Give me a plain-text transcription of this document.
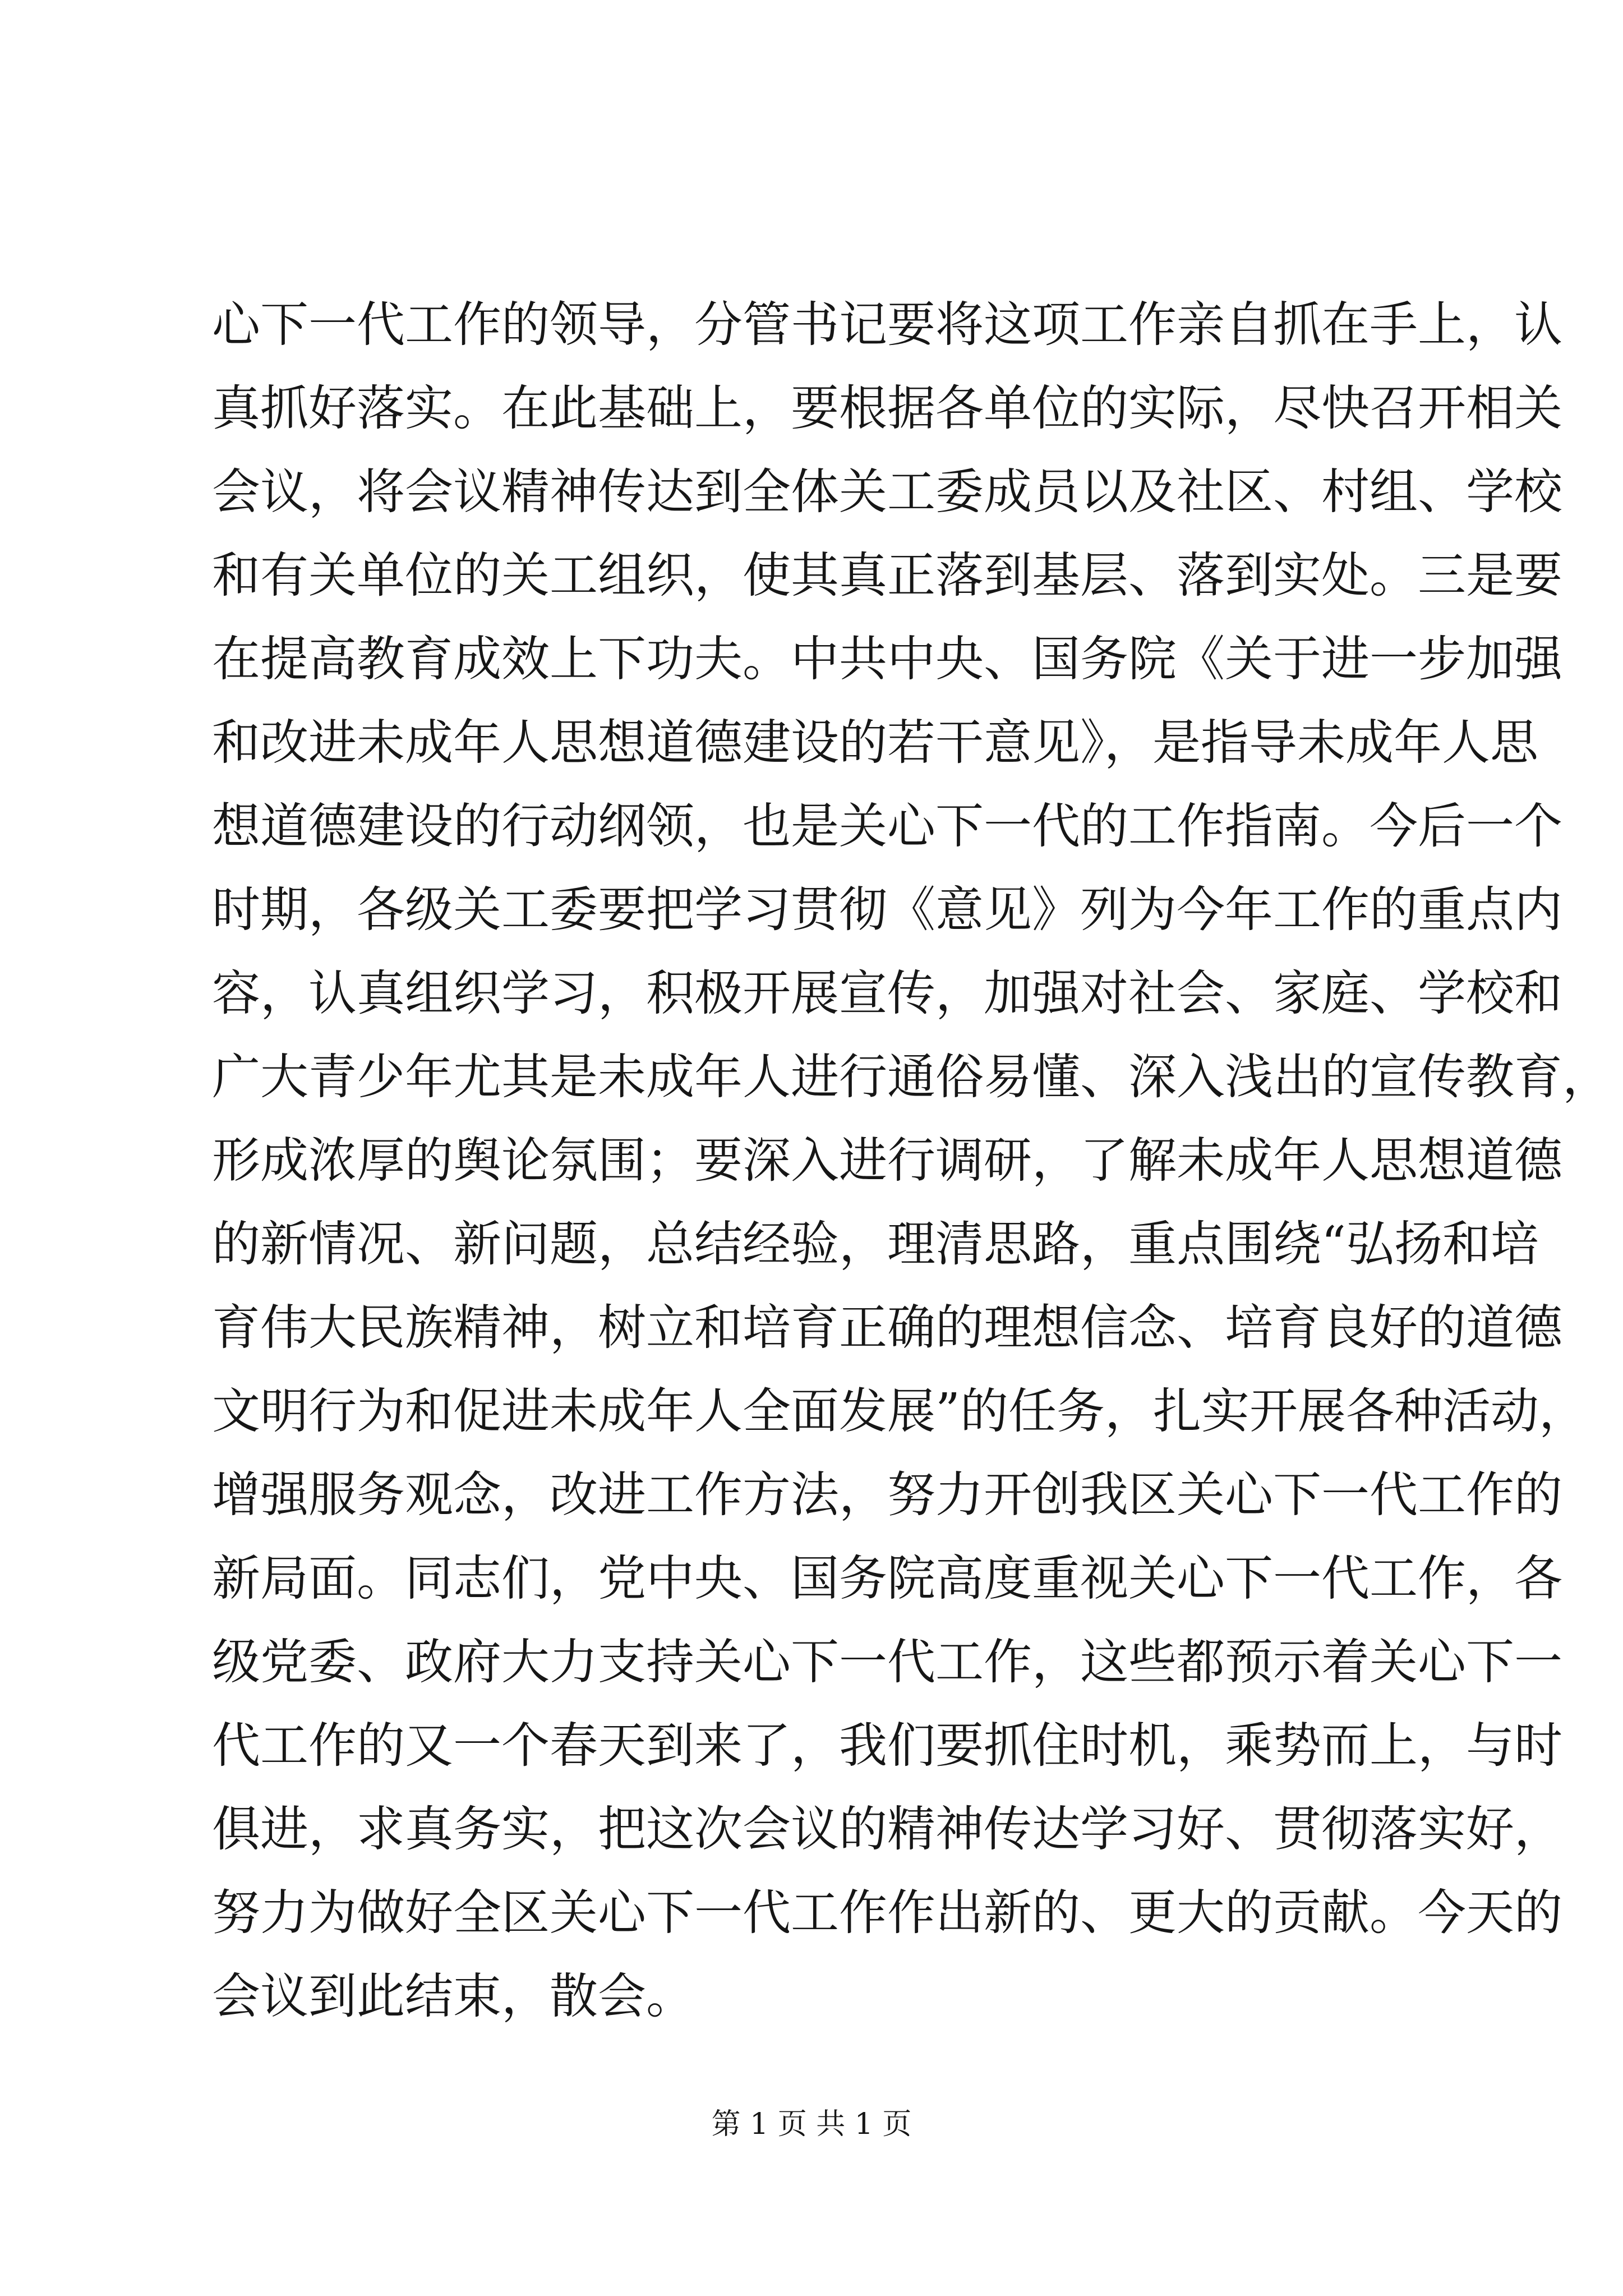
心下一代工作的领导，分管书记要将这项工作亲自抓在手上，认
真抓好落实。在此基础上，要根据各单位的实际，尽快召开相关
会议，将会议精神传达到全体关工委成员以及社区、村组、学校
和有关单位的关工组织，使其真正落到基层、落到实处。三是要
在提高教育成效上下功夫。中共中央、国务院《关于进一步加强
和改进未成年人思想道德建设的若干意见》，是指导未成年人思
想道德建设的行动纲领，也是关心下一代的工作指南。今后一个
时期，各级关工委要把学习贯彻《意见》列为今年工作的重点内
容，认真组织学习，积极开展宣传，加强对社会、家庭、学校和
广大青少年尤其是未成年人进行通俗易懂、深入浅出的宣传教育，
形成浓厚的舆论氛围；要深入进行调研，了解未成年人思想道德
的新情况、新问题，总结经验，理清思路，重点围绕“弘扬和培
育伟大民族精神，树立和培育正确的理想信念、培育良好的道德
文明行为和促进未成年人全面发展”的任务，扎实开展各种活动，
增强服务观念，改进工作方法，努力开创我区关心下一代工作的
新局面。同志们，党中央、国务院高度重视关心下一代工作，各
级党委、政府大力支持关心下一代工作，这些都预示着关心下一
代工作的又一个春天到来了，我们要抓住时机，乘势而上，与时
俱进，求真务实，把这次会议的精神传达学习好、贯彻落实好，
努力为做好全区关心下一代工作作出新的、更大的贡献。今天的
会议到此结束，散会。
第 1 页 共 1 页
